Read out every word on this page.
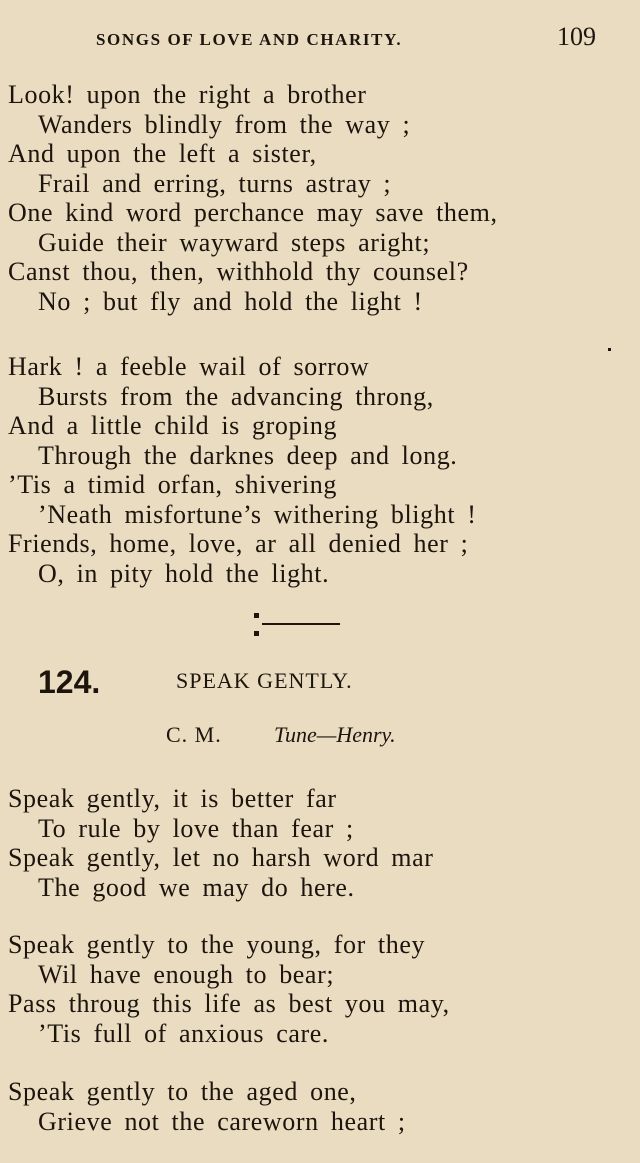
SONGS OF LOVE AND CHARITY.	109
Look! upon the right a brother
Wanders blindly from the way ;
And upon the left a sister,
Frail and erring, turns astray ;
One kind word perchance may save them,
Guide their wayward steps aright;
Canst thou, then, withhold thy counsel?
No ; but fly and hold the light !
Hark ! a feeble wail of sorrow
Bursts from the advancing throng,
And a little child is groping
Through the darknes deep and long.
’Tis a timid orfan, shivering
’Neath misfortune’s withering blight !
Friends, home, love, ar all denied her ;
O, in pity hold the light.
124.	SPEAK GENTLY.
C. M. Tune—Henry.
Speak gently, it is better far
To rule by love than fear ;
Speak gently, let no harsh word mar
The good we may do here.
Speak gently to the young, for they
Wil have enough to bear;
Pass throug this life as best you may,
’Tis full of anxious care.
Speak gently to the aged one,
Grieve not the careworn heart ;
